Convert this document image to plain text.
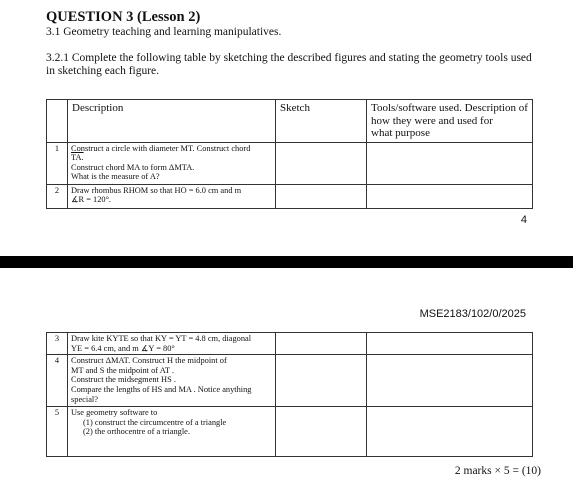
QUESTION 3 (Lesson 2)
3.1 Geometry teaching and learning manipulatives.
3.2.1 Complete the following table by sketching the described figures and stating the geometry tools used in sketching each figure.
	Description	Sketch	Tools/software used. Description of
how they were and used for
what purpose

1	Construct a circle with diameter MT. Construct chord
TA.
Construct chord MA to form ΔMTA.
What is the measure of A?		

2	Draw rhombus RHOM so that HO = 6.0 cm and m
∡R = 120°.		

4
MSE2183/102/0/2025
3	Draw kite KYTE so that KY = YT = 4.8 cm, diagonal
YE = 6.4 cm, and m ∡Y = 80°		

4	Construct ΔMAT. Construct H the midpoint of
MT and S the midpoint of AT .
Construct the midsegment HS .
Compare the lengths of HS and MA . Notice anything
special?		

5	Use geometry software to
(1) construct the circumcentre of a triangle
(2) the orthocentre of a triangle.		

2 marks × 5 = (10)
